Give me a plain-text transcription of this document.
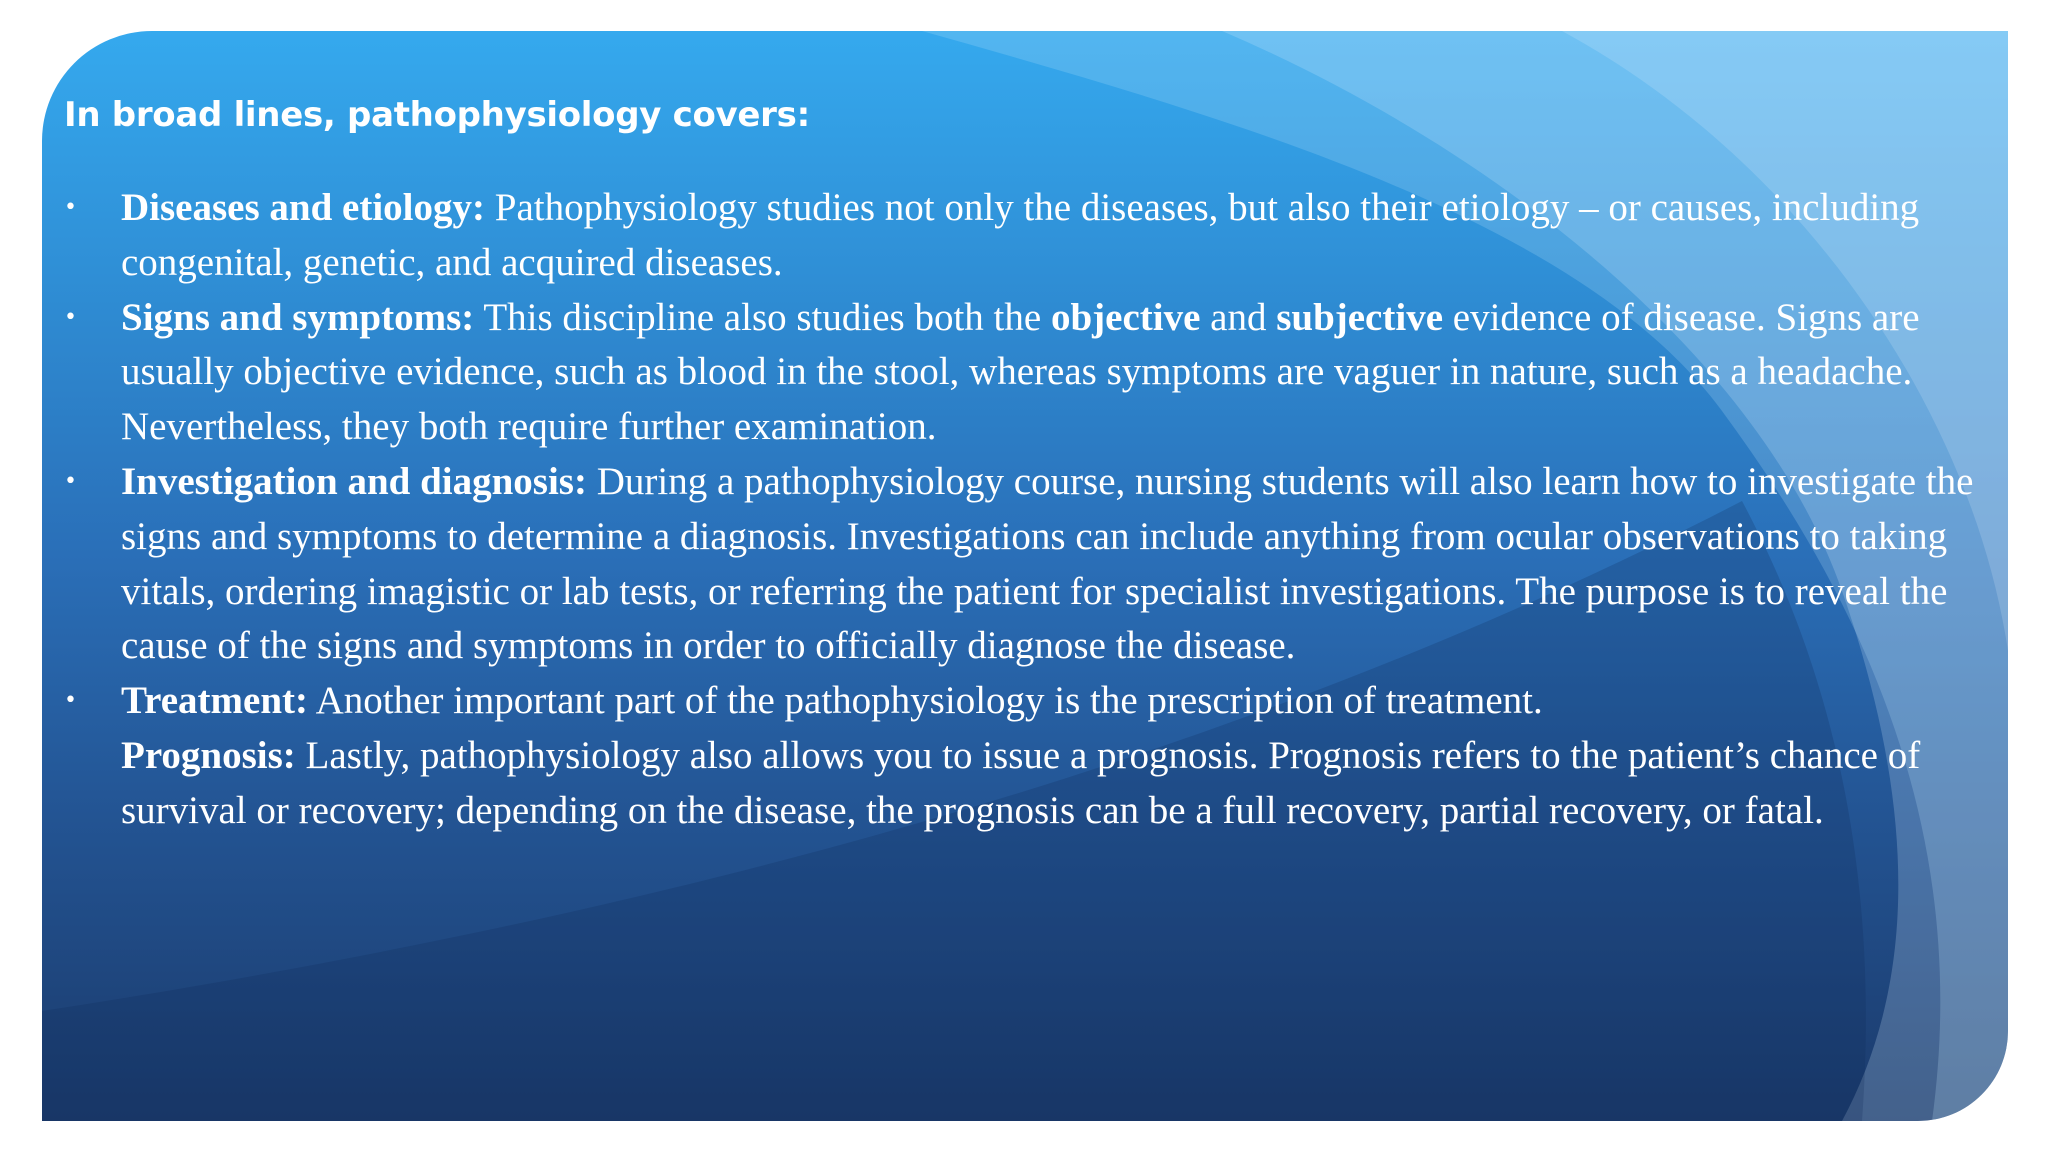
In broad lines, pathophysiology covers:
• Diseases and etiology: Pathophysiology studies not only the diseases, but also their etiology – or causes, including congenital, genetic, and acquired diseases.
• Signs and symptoms: This discipline also studies both the objective and subjective evidence of disease. Signs are usually objective evidence, such as blood in the stool, whereas symptoms are vaguer in nature, such as a headache. Nevertheless, they both require further examination.
• Investigation and diagnosis: During a pathophysiology course, nursing students will also learn how to investigate the signs and symptoms to determine a diagnosis. Investigations can include anything from ocular observations to taking vitals, ordering imagistic or lab tests, or referring the patient for specialist investigations. The purpose is to reveal the cause of the signs and symptoms in order to officially diagnose the disease.
• Treatment: Another important part of the pathophysiology is the prescription of treatment.
Prognosis: Lastly, pathophysiology also allows you to issue a prognosis. Prognosis refers to the patient’s chance of survival or recovery; depending on the disease, the prognosis can be a full recovery, partial recovery, or fatal.
